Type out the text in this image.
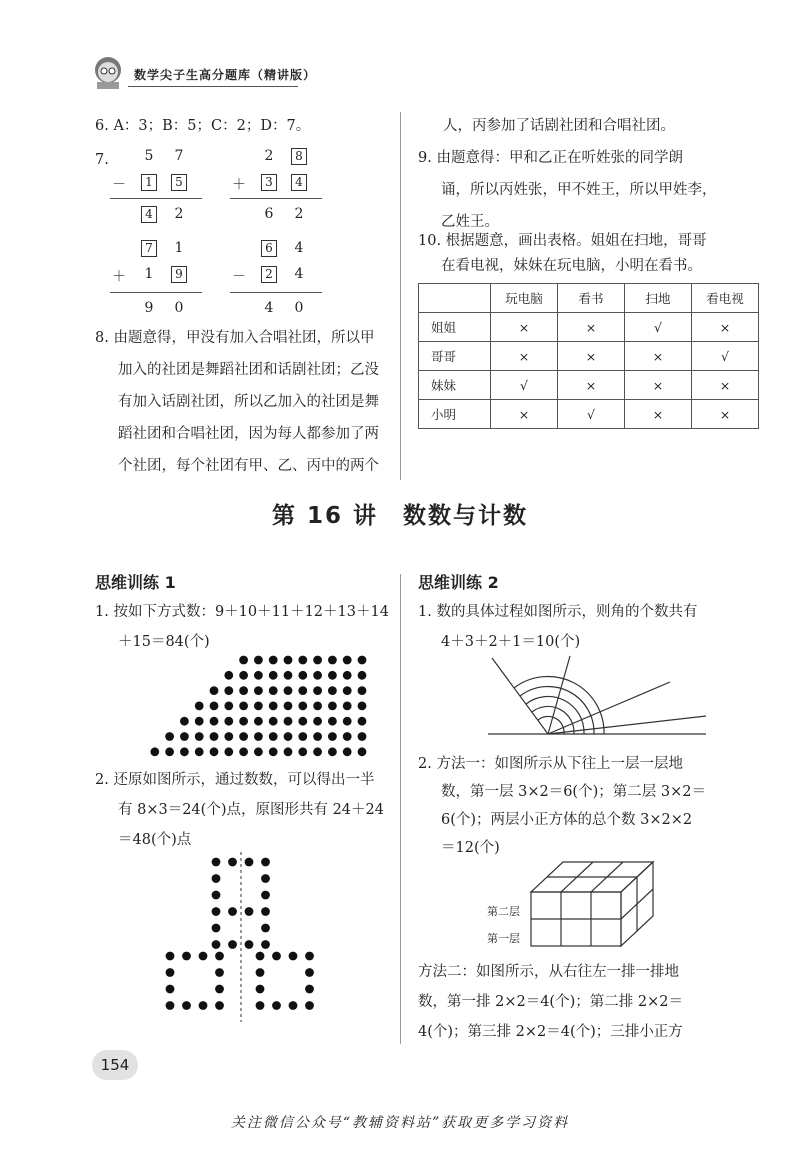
数学尖子生高分题库（精讲版）
6. A：3；B：5；C：2；D：7。
7.	5	7
－	1	5
4	2
2	8
＋	3	4
6	2
7	1
＋	1	9
9	0
6	4
－	2	4
4	0
8. 由题意得，甲没有加入合唱社团，所以甲
加入的社团是舞蹈社团和话剧社团；乙没
有加入话剧社团，所以乙加入的社团是舞
蹈社团和合唱社团，因为每人都参加了两
个社团，每个社团有甲、乙、丙中的两个
人，丙参加了话剧社团和合唱社团。
9. 由题意得：甲和乙正在听姓张的同学朗
诵，所以丙姓张，甲不姓王，所以甲姓李，
乙姓王。
10. 根据题意，画出表格。姐姐在扫地，哥哥
在看电视，妹妹在玩电脑，小明在看书。
	玩电脑	看书	扫地	看电视
姐姐	×	×	√	×
哥哥	×	×	×	√
妹妹	√	×	×	×
小明	×	√	×	×
第 16 讲　数数与计数
思维训练 1
1. 按如下方式数：9＋10＋11＋12＋13＋14
＋15＝84(个)
2. 还原如图所示，通过数数，可以得出一半
有 8×3＝24(个)点，原图形共有 24＋24
＝48(个)点
思维训练 2
1. 数的具体过程如图所示，则角的个数共有
4＋3＋2＋1＝10(个)
2. 方法一：如图所示从下往上一层一层地
数，第一层 3×2＝6(个)；第二层 3×2＝
6(个)；两层小正方体的总个数 3×2×2
＝12(个)
第二层
第一层
方法二：如图所示，从右往左一排一排地
数，第一排 2×2＝4(个)；第二排 2×2＝
4(个)；第三排 2×2＝4(个)；三排小正方
154
关注微信公众号“教辅资料站”获取更多学习资料
